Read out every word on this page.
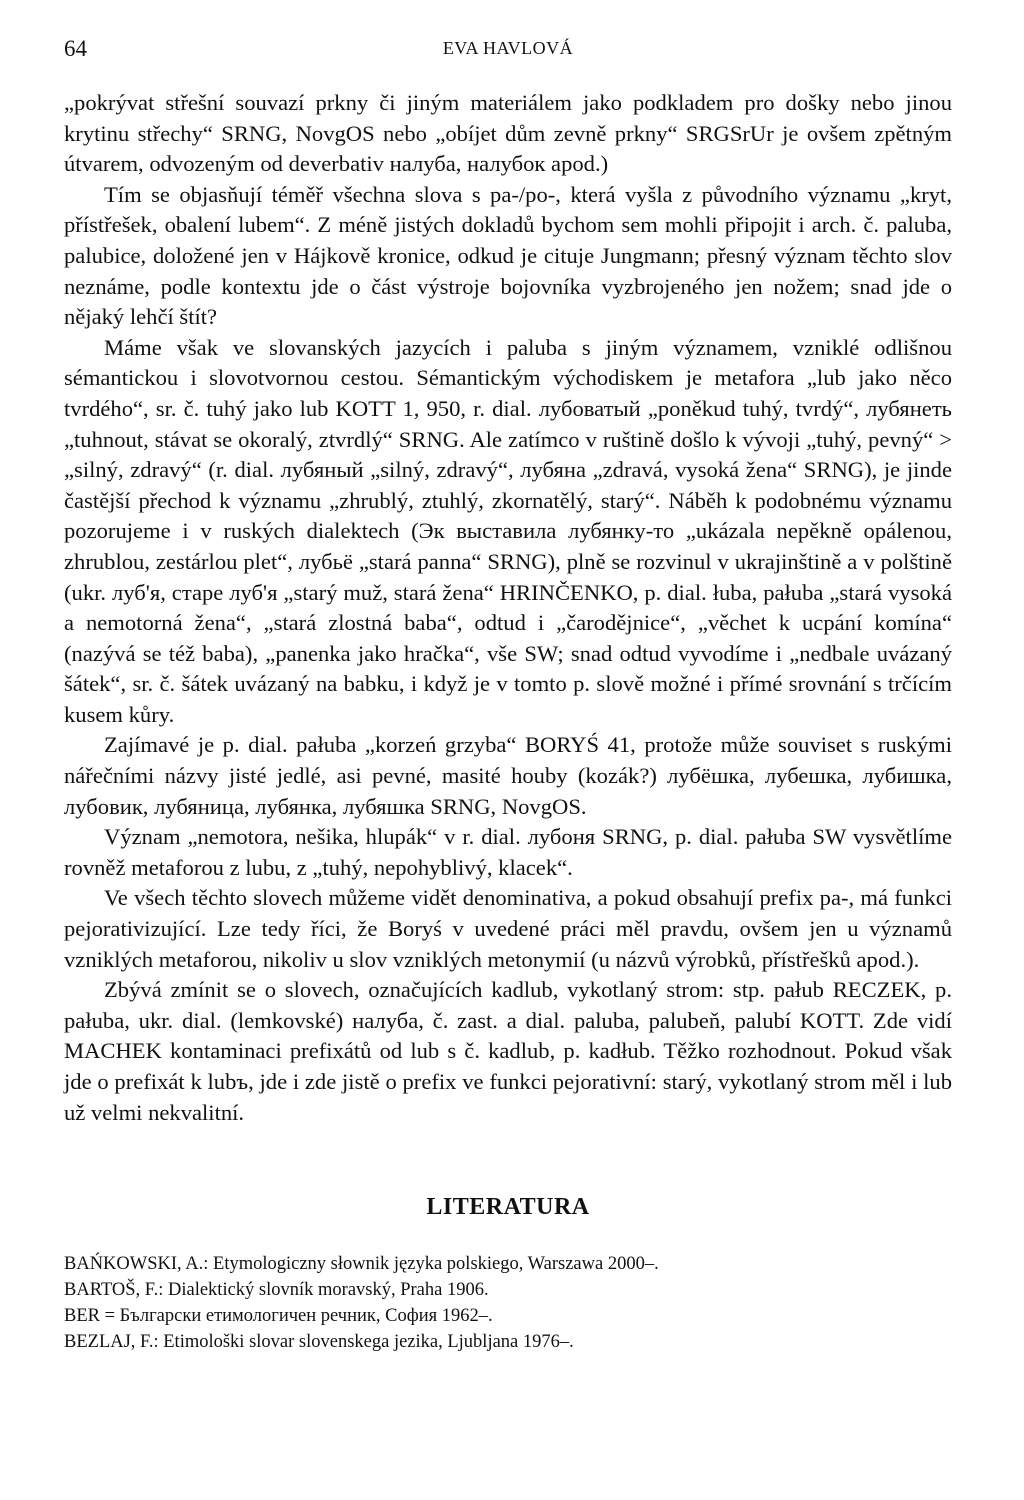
64	EVA HAVLOVÁ

„pokrývat střešní souvazí prkny či jiným materiálem jako podkladem pro došky nebo jinou krytinu střechy“ SRNG, NovgOS nebo „obíjet dům zevně prkny“ SRGSrUr je ovšem zpětným útvarem, odvozeným od deverbativ налуба, налубок apod.)

Tím se objasňují téměř všechna slova s pa-/po-, která vyšla z původního významu „kryt, přístřešek, obalení lubem“. Z méně jistých dokladů bychom sem mohli připojit i arch. č. paluba, palubice, doložené jen v Hájkově kronice, odkud je cituje Jungmann; přesný význam těchto slov neznáme, podle kontextu jde o část výstroje bojovníka vyzbrojeného jen nožem; snad jde o nějaký lehčí štít?

Máme však ve slovanských jazycích i paluba s jiným významem, vzniklé odlišnou sémantickou i slovotvornou cestou. Sémantickým východiskem je metafora „lub jako něco tvrdého“, sr. č. tuhý jako lub KOTT 1, 950, r. dial. лубоватый „poněkud tuhý, tvrdý“, лубянеть „tuhnout, stávat se okoralý, ztvrdlý“ SRNG. Ale zatímco v ruštině došlo k vývoji „tuhý, pevný“ > „silný, zdravý“ (r. dial. лубяный „silný, zdravý“, лубяна „zdravá, vysoká žena“ SRNG), je jinde častější přechod k významu „zhrublý, ztuhlý, zkornatělý, starý“. Náběh k podobnému významu pozorujeme i v ruských dialektech (Эк выставила лубянку-то „ukázala nepěkně opálenou, zhrublou, zestárlou plet“, лубьё „stará panna“ SRNG), plně se rozvinul v ukrajinštině a v polštině (ukr. луб'я, старе луб'я „starý muž, stará žena“ HRINČENKO, p. dial. łuba, pałuba „stará vysoká a nemotorná žena“, „stará zlostná baba“, odtud i „čarodějnice“, „věchet k ucpání komína“ (nazývá se též baba), „panenka jako hračka“, vše SW; snad odtud vyvodíme i „nedbale uvázaný šátek“, sr. č. šátek uvázaný na babku, i když je v tomto p. slově možné i přímé srovnání s trčícím kusem kůry.

Zajímavé je p. dial. pałuba „korzeń grzyba“ BORYŚ 41, protože může souviset s ruskými nářečními názvy jisté jedlé, asi pevné, masité houby (kozák?) лубёшка, лубешка, лубишка, лубовик, лубяница, лубянка, лубяшка SRNG, NovgOS.

Význam „nemotora, nešika, hlupák“ v r. dial. лубоня SRNG, p. dial. pałuba SW vysvětlíme rovněž metaforou z lubu, z „tuhý, nepohyblivý, klacek“.

Ve všech těchto slovech můžeme vidět denominativa, a pokud obsahují prefix pa-, má funkci pejorativizující. Lze tedy říci, že Boryś v uvedené práci měl pravdu, ovšem jen u významů vzniklých metaforou, nikoliv u slov vzniklých metonymií (u názvů výrobků, přístřešků apod.).

Zbývá zmínit se o slovech, označujících kadlub, vykotlaný strom: stp. pałub RECZEK, p. pałuba, ukr. dial. (lemkovské) налуба, č. zast. a dial. paluba, palubeň, palubí KOTT. Zde vidí MACHEK kontaminaci prefixátů od lub s č. kadlub, p. kadłub. Těžko rozhodnout. Pokud však jde o prefixát k lubъ, jde i zde jistě o prefix ve funkci pejorativní: starý, vykotlaný strom měl i lub už velmi nekvalitní.

LITERATURA

BAŃKOWSKI, A.: Etymologiczny słownik języka polskiego, Warszawa 2000–.

BARTOŠ, F.: Dialektický slovník moravský, Praha 1906.

BER = Български етимологичен речник, София 1962–.

BEZLAJ, F.: Etimološki slovar slovenskega jezika, Ljubljana 1976–.
